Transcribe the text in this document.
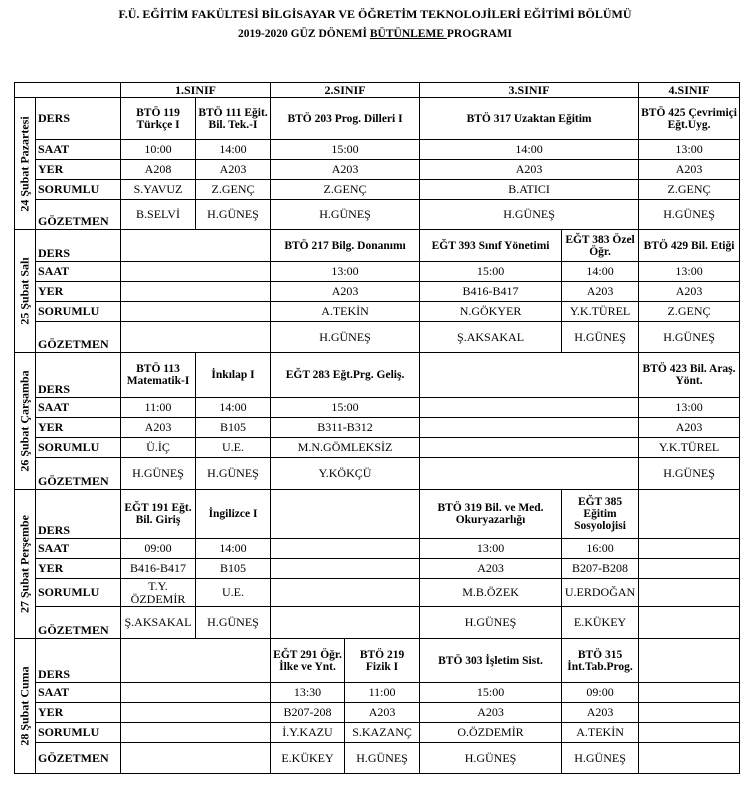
F.Ü. EĞİTİM FAKÜLTESİ BİLGİSAYAR VE ÖĞRETİM TEKNOLOJİLERİ EĞİTİMİ BÖLÜMÜ
2019-2020 GÜZ DÖNEMİ BÜTÜNLEME PROGRAMI
		1.SINIF		2.SINIF		3.SINIF		4.SINIF

24 Şubat Pazartesi	DERS	BTÖ 119 Türkçe I	BTÖ 111 Eğit. Bil. Tek.-I	BTÖ 203 Prog. Dilleri I		BTÖ 317 Uzaktan Eğitim		BTÖ 425 Çevrimiçi Eğt.Uyg.
	SAAT	10:00	14:00	15:00		14:00		13:00
	YER	A208	A203	A203		A203		A203
	SORUMLU	S.YAVUZ	Z.GENÇ	Z.GENÇ		B.ATICI		Z.GENÇ
	GÖZETMEN	B.SELVİ	H.GÜNEŞ	H.GÜNEŞ		H.GÜNEŞ		H.GÜNEŞ

25 Şubat Salı	DERS			BTÖ 217 Bilg. Donanımı		EĞT 393 Sınıf Yönetimi	EĞT 383 Özel Öğr.	BTÖ 429 Bil. Etiği
	SAAT			13:00		15:00	14:00	13:00
	YER			A203		B416-B417	A203	A203
	SORUMLU			A.TEKİN		N.GÖKYER	Y.K.TÜREL	Z.GENÇ
	GÖZETMEN			H.GÜNEŞ		Ş.AKSAKAL	H.GÜNEŞ	H.GÜNEŞ

26 Şubat Çarşamba	DERS	BTÖ 113 Matematik-I	İnkılap I	EĞT 283 Eğt.Prg. Geliş.				BTÖ 423 Bil. Araş. Yönt.
	SAAT	11:00	14:00	15:00				13:00
	YER	A203	B105	B311-B312				A203
	SORUMLU	Ü.İÇ	U.E.	M.N.GÖMLEKSİZ				Y.K.TÜREL
	GÖZETMEN	H.GÜNEŞ	H.GÜNEŞ	Y.KÖKÇÜ				H.GÜNEŞ

27 Şubat Perşembe	DERS	EĞT 191 Eğt. Bil. Giriş	İngilizce I			BTÖ 319 Bil. ve Med. Okuryazarlığı	EĞT 385 Eğitim Sosyolojisi	
	SAAT	09:00	14:00			13:00	16:00	
	YER	B416-B417	B105			A203	B207-B208	
	SORUMLU	T.Y. ÖZDEMİR	U.E.			M.B.ÖZEK	U.ERDOĞAN	
	GÖZETMEN	Ş.AKSAKAL	H.GÜNEŞ			H.GÜNEŞ	E.KÜKEY	

28 Şubat Cuma	DERS			EĞT 291 Öğr. İlke ve Ynt.	BTÖ 219 Fizik I	BTÖ 303 İşletim Sist.	BTÖ 315 İnt.Tab.Prog.	
	SAAT			13:30	11:00	15:00	09:00	
	YER			B207-208	A203	A203	A203	
	SORUMLU			İ.Y.KAZU	S.KAZANÇ	O.ÖZDEMİR	A.TEKİN	
	GÖZETMEN			E.KÜKEY	H.GÜNEŞ	H.GÜNEŞ	H.GÜNEŞ	
